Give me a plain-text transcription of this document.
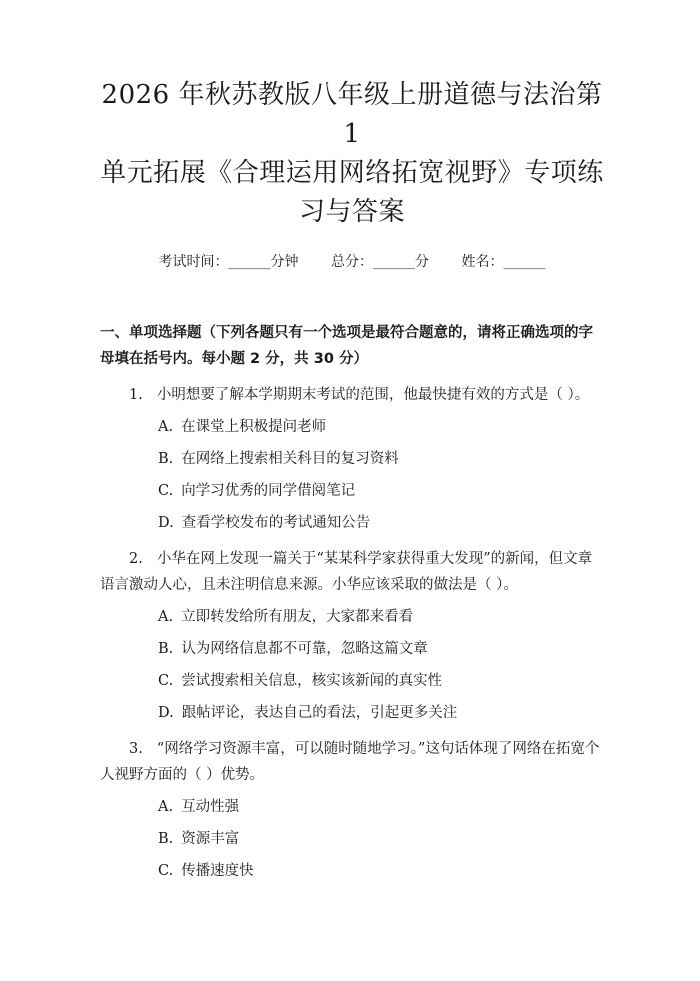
2026 年秋苏教版八年级上册道德与法治第 1
单元拓展《合理运用网络拓宽视野》专项练
习与答案
考试时间：______分钟 总分：______分 姓名：______
一、单项选择题（下列各题只有一个选项是最符合题意的，请将正确选项的字母填在括号内。每小题 2 分，共 30 分）

1. 小明想要了解本学期期末考试的范围，他最快捷有效的方式是（ ）。

A. 在课堂上积极提问老师
B. 在网络上搜索相关科目的复习资料
C. 向学习优秀的同学借阅笔记
D. 查看学校发布的考试通知公告

2. 小华在网上发现一篇关于“某某科学家获得重大发现”的新闻，但文章语言激动人心，且未注明信息来源。小华应该采取的做法是（ ）。

A. 立即转发给所有朋友，大家都来看看
B. 认为网络信息都不可靠，忽略这篇文章
C. 尝试搜索相关信息，核实该新闻的真实性
D. 跟帖评论，表达自己的看法，引起更多关注

3. “网络学习资源丰富，可以随时随地学习。”这句话体现了网络在拓宽个人视野方面的（ ）优势。

A. 互动性强
B. 资源丰富
C. 传播速度快
